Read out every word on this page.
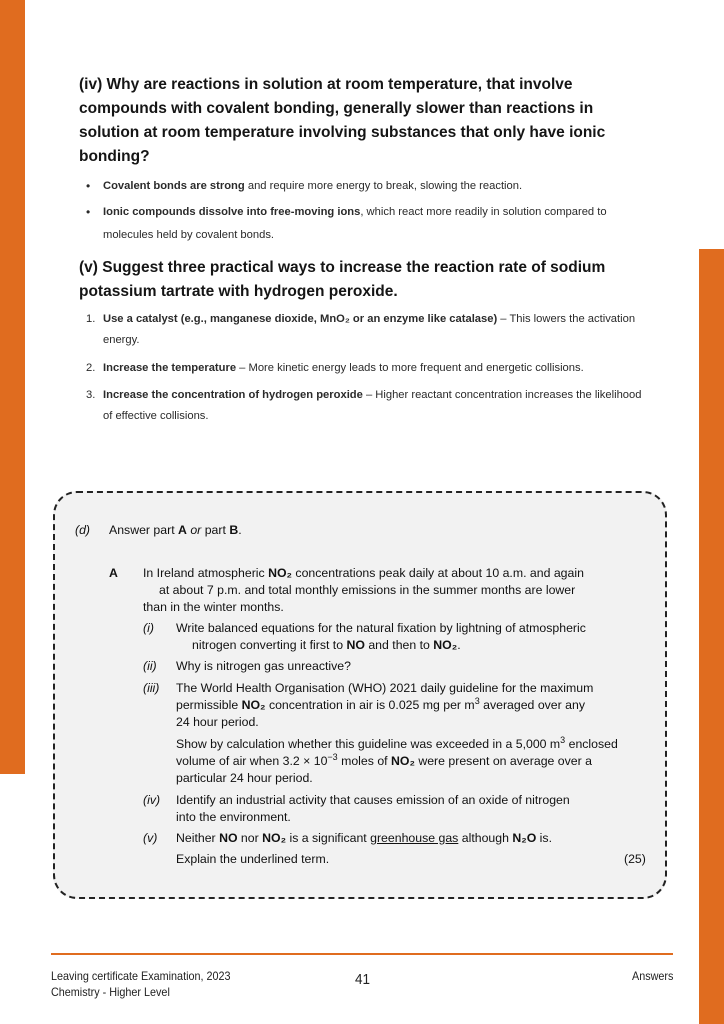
(iv) Why are reactions in solution at room temperature, that involve compounds with covalent bonding, generally slower than reactions in solution at room temperature involving substances that only have ionic bonding?
• Covalent bonds are strong and require more energy to break, slowing the reaction.
• Ionic compounds dissolve into free-moving ions, which react more readily in solution compared to molecules held by covalent bonds.
(v) Suggest three practical ways to increase the reaction rate of sodium potassium tartrate with hydrogen peroxide.
1. Use a catalyst (e.g., manganese dioxide, MnO₂ or an enzyme like catalase) – This lowers the activation energy.
2. Increase the temperature – More kinetic energy leads to more frequent and energetic collisions.
3. Increase the concentration of hydrogen peroxide – Higher reactant concentration increases the likelihood of effective collisions.
(d) Answer part A or part B.
A In Ireland atmospheric NO₂ concentrations peak daily at about 10 a.m. and again
at about 7 p.m. and total monthly emissions in the summer months are lower
than in the winter months.
(i) Write balanced equations for the natural fixation by lightning of atmospheric
nitrogen converting it first to NO and then to NO₂.
(ii) Why is nitrogen gas unreactive?
(iii) The World Health Organisation (WHO) 2021 daily guideline for the maximum
permissible NO₂ concentration in air is 0.025 mg per $m^3$ averaged over any
24 hour period.
Show by calculation whether this guideline was exceeded in a 5,000 $m^3$ enclosed
volume of air when $3.2 \times 10^{-3}$ moles of NO₂ were present on average over a
particular 24 hour period.
(iv) Identify an industrial activity that causes emission of an oxide of nitrogen
into the environment.
(v) Neither NO nor NO₂ is a significant greenhouse gas although N₂O is.
Explain the underlined term.	(25)
Leaving certificate Examination, 2023
Chemistry - Higher Level
41	Answers
